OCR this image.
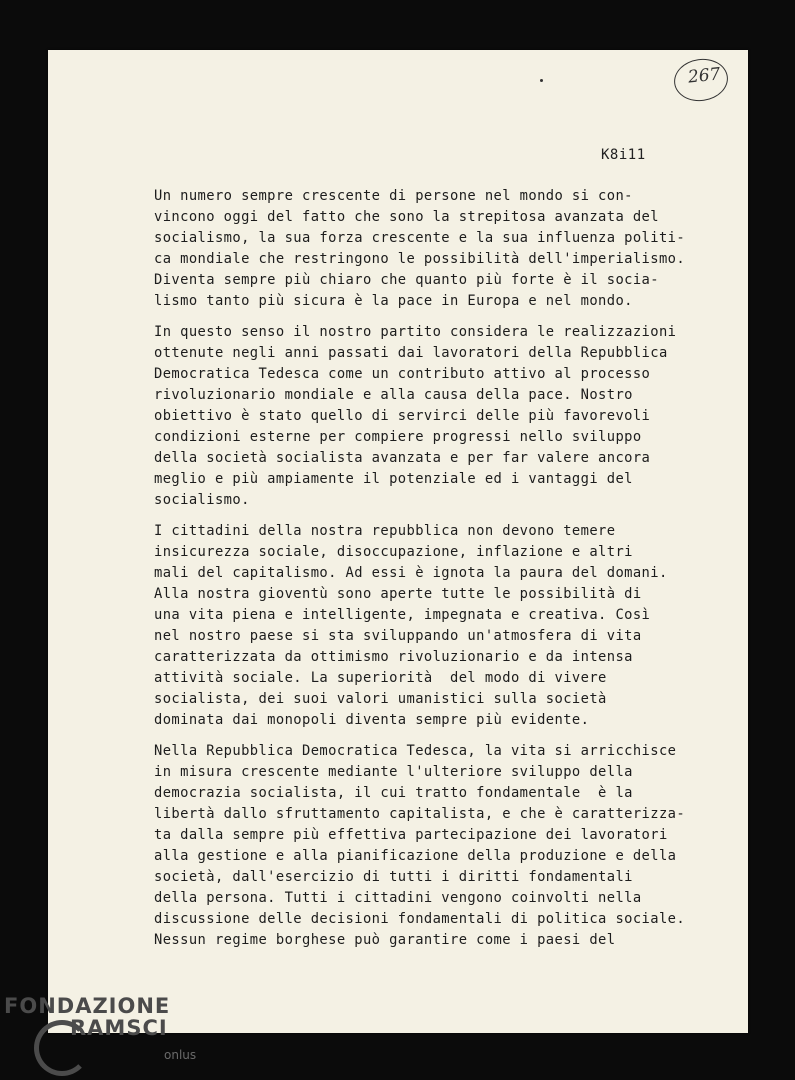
267
K8i11
Un numero sempre crescente di persone nel mondo si con-
vincono oggi del fatto che sono la strepitosa avanzata del
socialismo, la sua forza crescente e la sua influenza politi-
ca mondiale che restringono le possibilità dell'imperialismo.
Diventa sempre più chiaro che quanto più forte è il socia-
lismo tanto più sicura è la pace in Europa e nel mondo.
In questo senso il nostro partito considera le realizzazioni
ottenute negli anni passati dai lavoratori della Repubblica
Democratica Tedesca come un contributo attivo al processo
rivoluzionario mondiale e alla causa della pace. Nostro
obiettivo è stato quello di servirci delle più favorevoli
condizioni esterne per compiere progressi nello sviluppo
della società socialista avanzata e per far valere ancora
meglio e più ampiamente il potenziale ed i vantaggi del
socialismo.
I cittadini della nostra repubblica non devono temere
insicurezza sociale, disoccupazione, inflazione e altri
mali del capitalismo. Ad essi è ignota la paura del domani.
Alla nostra gioventù sono aperte tutte le possibilità di
una vita piena e intelligente, impegnata e creativa. Così
nel nostro paese si sta sviluppando un'atmosfera di vita
caratterizzata da ottimismo rivoluzionario e da intensa
attività sociale. La superiorità  del modo di vivere
socialista, dei suoi valori umanistici sulla società
dominata dai monopoli diventa sempre più evidente.
Nella Repubblica Democratica Tedesca, la vita si arricchisce
in misura crescente mediante l'ulteriore sviluppo della
democrazia socialista, il cui tratto fondamentale  è la
libertà dallo sfruttamento capitalista, e che è caratterizza-
ta dalla sempre più effettiva partecipazione dei lavoratori
alla gestione e alla pianificazione della produzione e della
società, dall'esercizio di tutti i diritti fondamentali
della persona. Tutti i cittadini vengono coinvolti nella
discussione delle decisioni fondamentali di politica sociale.
Nessun regime borghese può garantire come i paesi del
FONDAZIONE
RAMSCI
onlus
